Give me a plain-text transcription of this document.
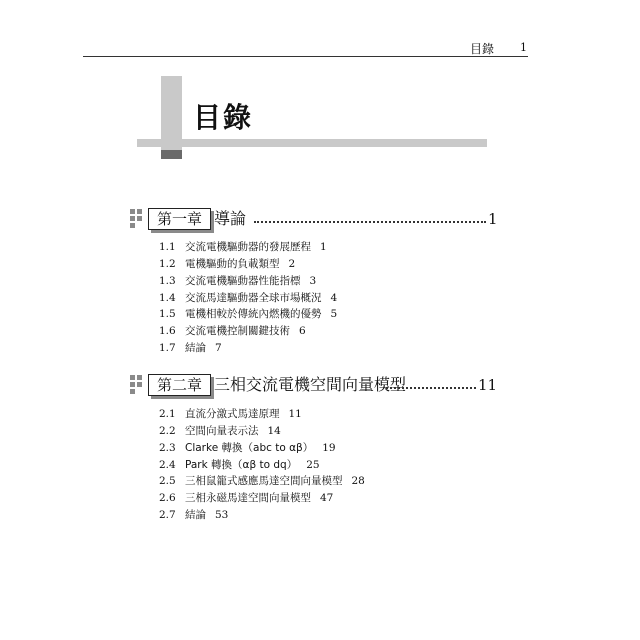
目錄 1
目錄
第一章 導論	1
1.1 交流電機驅動器的發展歷程 1
1.2 電機驅動的負載類型 2
1.3 交流電機驅動器性能指標 3
1.4 交流馬達驅動器全球市場概況 4
1.5 電機相較於傳統內燃機的優勢 5
1.6 交流電機控制關鍵技術 6
1.7 結論 7
第二章 三相交流電機空間向量模型	11
2.1 直流分激式馬達原理 11
2.2 空間向量表示法 14
2.3 Clarke 轉換（abc to αβ） 19
2.4 Park 轉換（αβ to dq） 25
2.5 三相鼠籠式感應馬達空間向量模型 28
2.6 三相永磁馬達空間向量模型 47
2.7 結論 53
